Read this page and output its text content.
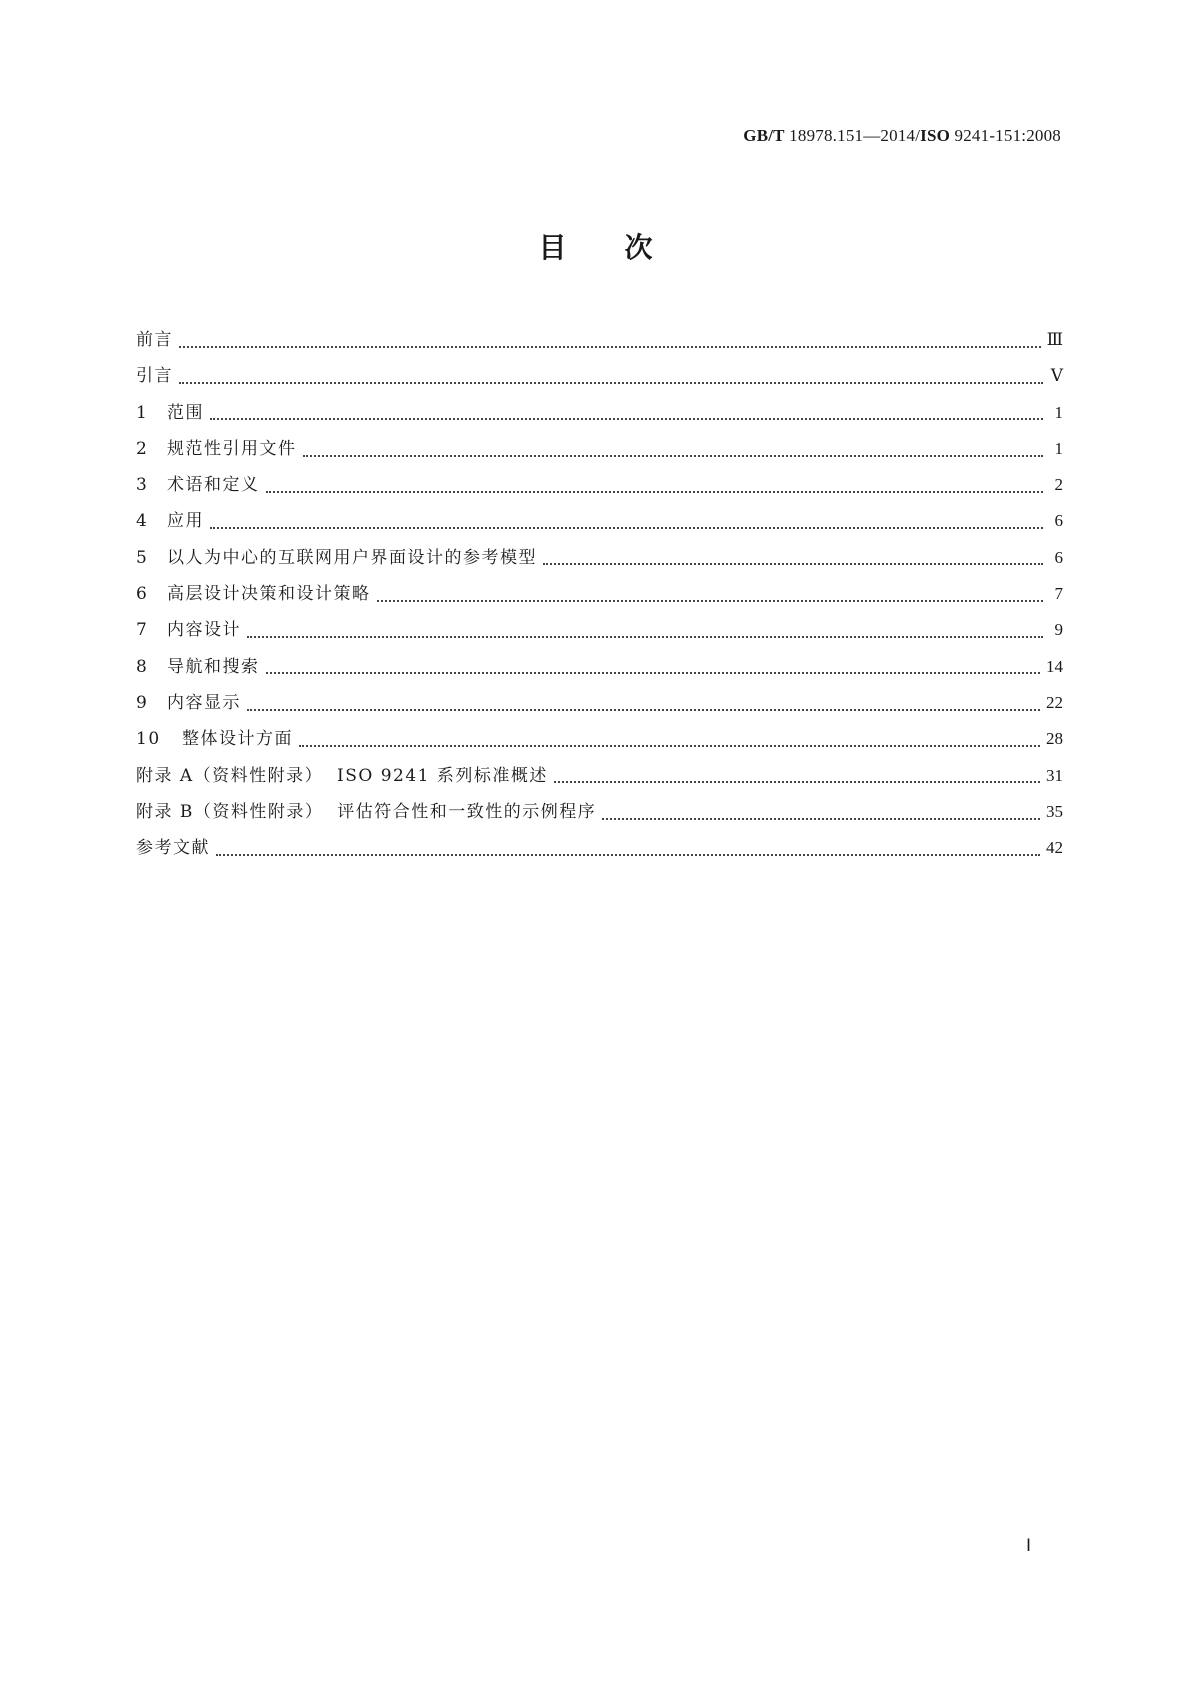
GB/T 18978.151—2014/ISO 9241-151:2008
目次
前言	Ⅲ
引言	Ⅴ
1 范围	1
2 规范性引用文件	1
3 术语和定义	2
4 应用	6
5 以人为中心的互联网用户界面设计的参考模型	6
6 高层设计决策和设计策略	7
7 内容设计	9
8 导航和搜索	14
9 内容显示	22
10 整体设计方面	28
附录 A（资料性附录）  ISO 9241 系列标准概述	31
附录 B（资料性附录）  评估符合性和一致性的示例程序	35
参考文献	42
Ⅰ
